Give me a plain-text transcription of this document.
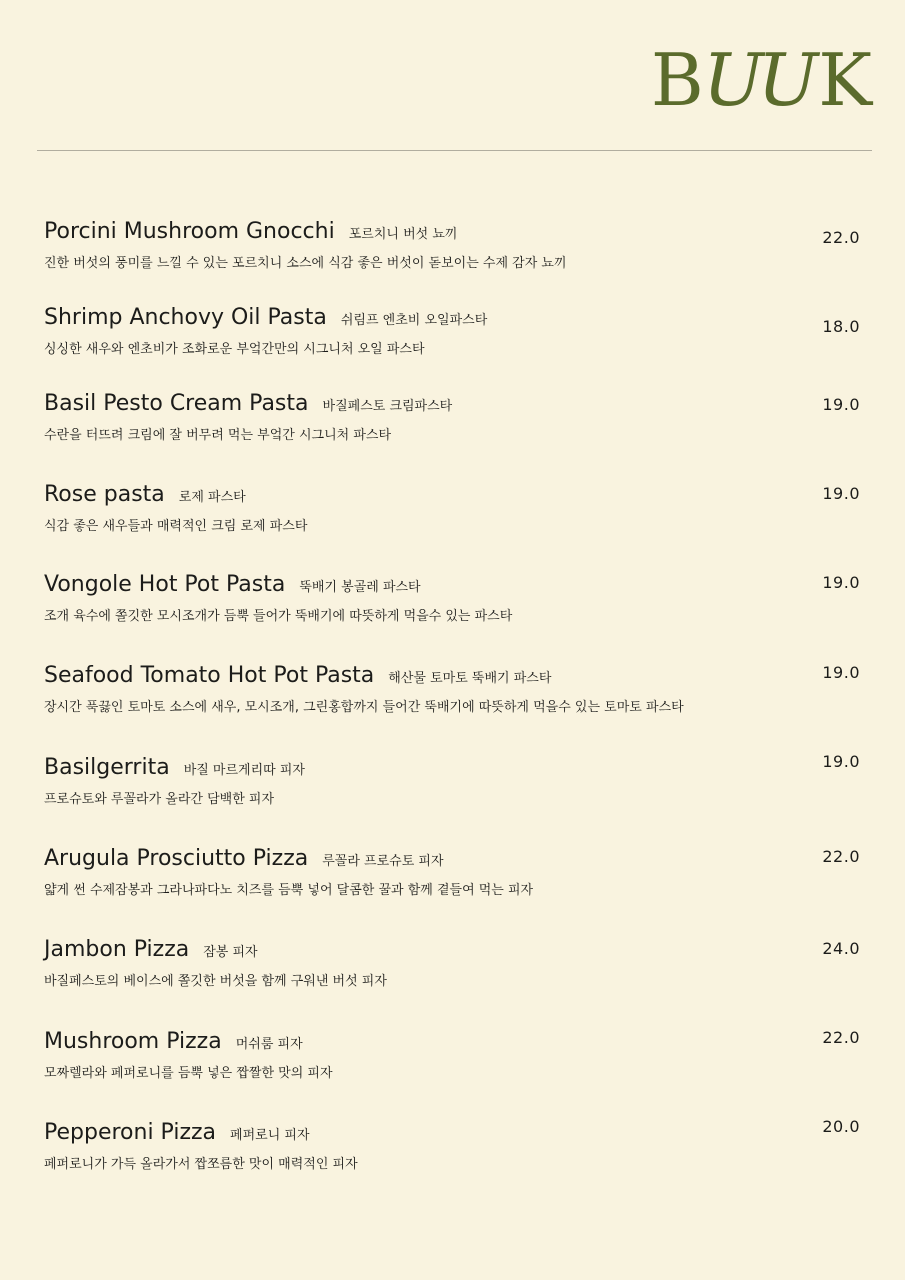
B UU K
Porcini Mushroom Gnocchi 포르치니 버섯 뇨끼
진한 버섯의 풍미를 느낄 수 있는 포르치니 소스에 식감 좋은 버섯이 돋보이는 수제 감자 뇨끼
22.0
Shrimp Anchovy Oil Pasta 쉬림프 엔초비 오일파스타
싱싱한 새우와 엔초비가 조화로운 부엌간만의 시그니처 오일 파스타
18.0
Basil Pesto Cream Pasta 바질페스토 크림파스타
수란을 터뜨려 크림에 잘 버무려 먹는 부엌간 시그니처 파스타
19.0
Rose pasta 로제 파스타
식감 좋은 새우들과 매력적인 크림 로제 파스타
19.0
Vongole Hot Pot Pasta 뚝배기 봉골레 파스타
조개 육수에 쫄깃한 모시조개가 듬뿍 들어가 뚝배기에 따뜻하게 먹을수 있는 파스타
19.0
Seafood Tomato Hot Pot Pasta 해산물 토마토 뚝배기 파스타
장시간 푹끓인 토마토 소스에 새우, 모시조개, 그린홍합까지 들어간 뚝배기에 따뜻하게 먹을수 있는 토마토 파스타
19.0
Basilgerrita 바질 마르게리따 피자
프로슈토와 루꼴라가 올라간 담백한 피자
19.0
Arugula Prosciutto Pizza 루꼴라 프로슈토 피자
얇게 썬 수제잠봉과 그라나파다노 치즈를 듬뿍 넣어 달콤한 꿀과 함께 곁들여 먹는 피자
22.0
Jambon Pizza 잠봉 피자
바질페스토의 베이스에 쫄깃한 버섯을 함께 구워낸 버섯 피자
24.0
Mushroom Pizza 머쉬룸 피자
모짜렐라와 페퍼로니를 듬뿍 넣은 짭짤한 맛의 피자
22.0
Pepperoni Pizza 페퍼로니 피자
페퍼로니가 가득 올라가서 짭쪼름한 맛이 매력적인 피자
20.0
